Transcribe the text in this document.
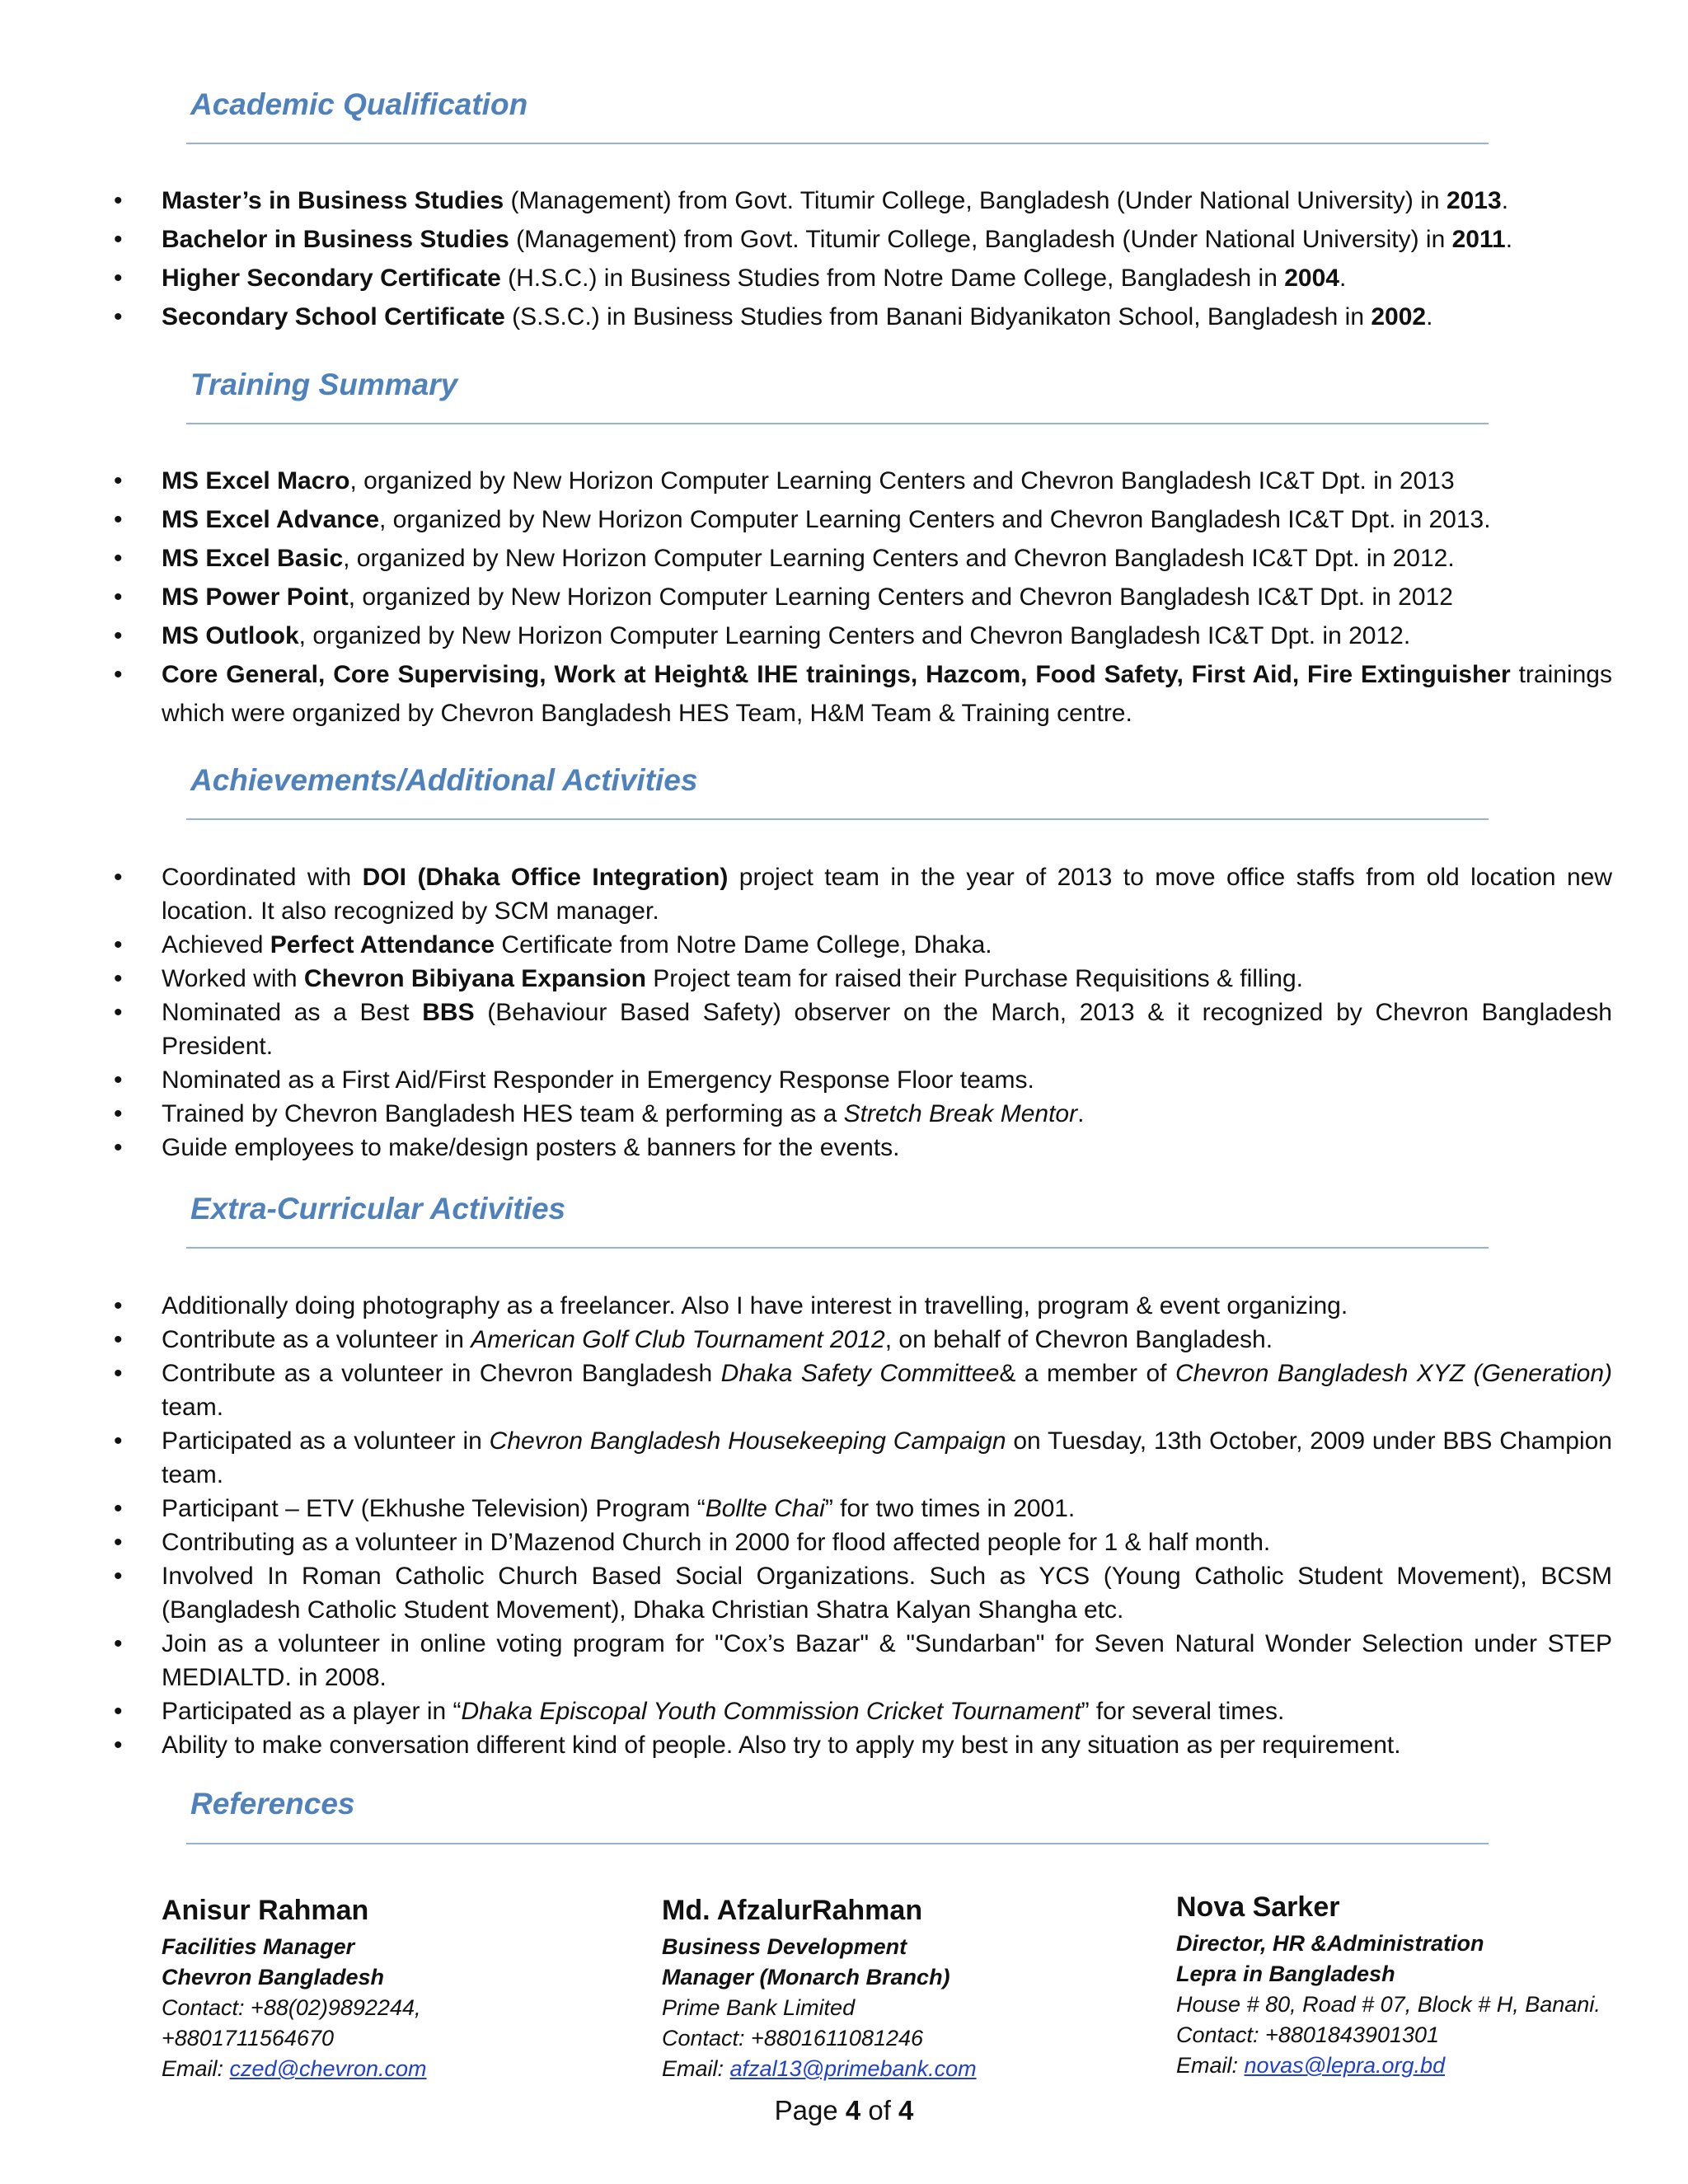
Academic Qualification
• Master’s in Business Studies (Management) from Govt. Titumir College, Bangladesh (Under National University) in 2013.
• Bachelor in Business Studies (Management) from Govt. Titumir College, Bangladesh (Under National University) in 2011.
• Higher Secondary Certificate (H.S.C.) in Business Studies from Notre Dame College, Bangladesh in 2004.
• Secondary School Certificate (S.S.C.) in Business Studies from Banani Bidyanikaton School, Bangladesh in 2002.
Training Summary
• MS Excel Macro, organized by New Horizon Computer Learning Centers and Chevron Bangladesh IC&T Dpt. in 2013
• MS Excel Advance, organized by New Horizon Computer Learning Centers and Chevron Bangladesh IC&T Dpt. in 2013.
• MS Excel Basic, organized by New Horizon Computer Learning Centers and Chevron Bangladesh IC&T Dpt. in 2012.
• MS Power Point, organized by New Horizon Computer Learning Centers and Chevron Bangladesh IC&T Dpt. in 2012
• MS Outlook, organized by New Horizon Computer Learning Centers and Chevron Bangladesh IC&T Dpt. in 2012.
• Core General, Core Supervising, Work at Height& IHE trainings, Hazcom, Food Safety, First Aid, Fire Extinguisher trainings which were organized by Chevron Bangladesh HES Team, H&M Team & Training centre.
Achievements/Additional Activities
• Coordinated with DOI (Dhaka Office Integration) project team in the year of 2013 to move office staffs from old location new location. It also recognized by SCM manager.
• Achieved Perfect Attendance Certificate from Notre Dame College, Dhaka.
• Worked with Chevron Bibiyana Expansion Project team for raised their Purchase Requisitions & filling.
• Nominated as a Best BBS (Behaviour Based Safety) observer on the March, 2013 & it recognized by Chevron Bangladesh President.
• Nominated as a First Aid/First Responder in Emergency Response Floor teams.
• Trained by Chevron Bangladesh HES team & performing as a Stretch Break Mentor.
• Guide employees to make/design posters & banners for the events.
Extra-Curricular Activities
• Additionally doing photography as a freelancer. Also I have interest in travelling, program & event organizing.
• Contribute as a volunteer in American Golf Club Tournament 2012, on behalf of Chevron Bangladesh.
• Contribute as a volunteer in Chevron Bangladesh Dhaka Safety Committee& a member of Chevron Bangladesh XYZ (Generation) team.
• Participated as a volunteer in Chevron Bangladesh Housekeeping Campaign on Tuesday, 13th October, 2009 under BBS Champion team.
• Participant – ETV (Ekhushe Television) Program “Bollte Chai” for two times in 2001.
• Contributing as a volunteer in D’Mazenod Church in 2000 for flood affected people for 1 & half month.
• Involved In Roman Catholic Church Based Social Organizations. Such as YCS (Young Catholic Student Movement), BCSM (Bangladesh Catholic Student Movement), Dhaka Christian Shatra Kalyan Shangha etc.
• Join as a volunteer in online voting program for "Cox’s Bazar" & "Sundarban" for Seven Natural Wonder Selection under STEP MEDIALTD. in 2008.
• Participated as a player in “Dhaka Episcopal Youth Commission Cricket Tournament” for several times.
• Ability to make conversation different kind of people. Also try to apply my best in any situation as per requirement.
References
Anisur Rahman
Facilities Manager
Chevron Bangladesh
Contact: +88(02)9892244,
+8801711564670
Email: czed@chevron.com
Md. AfzalurRahman
Business Development
Manager (Monarch Branch)
Prime Bank Limited
Contact: +8801611081246
Email: afzal13@primebank.com
Nova Sarker
Director, HR &Administration
Lepra in Bangladesh
House # 80, Road # 07, Block # H, Banani.
Contact: +8801843901301
Email: novas@lepra.org.bd
Page 4 of 4
